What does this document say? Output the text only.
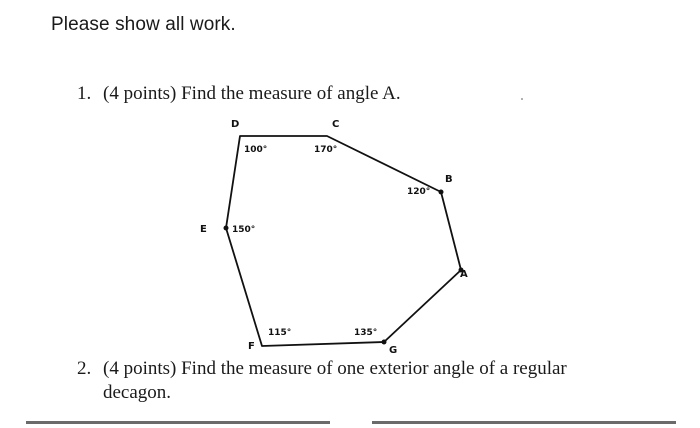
Please show all work.
1. (4 points) Find the measure of angle A.
D	C
B
A
G
F
E
100°	170°
120°
150°
115°	135°
2. (4 points) Find the measure of one exterior angle of a regular
decagon.
